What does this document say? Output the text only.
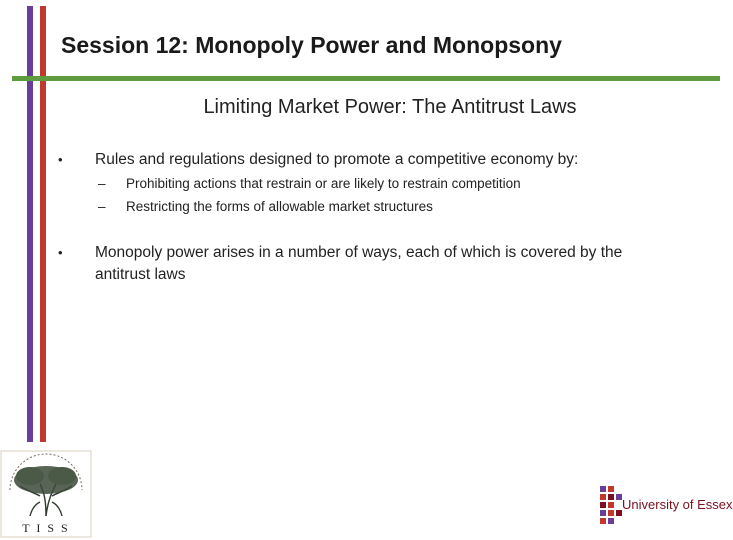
Session 12: Monopoly Power and Monopsony
Limiting Market Power: The Antitrust Laws
• Rules and regulations designed to promote a competitive economy by:
– Prohibiting actions that restrain or are likely to restrain competition
– Restricting the forms of allowable market structures
• Monopoly power arises in a number of ways, each of which is covered by the antitrust laws
T I S S
University of Essex
